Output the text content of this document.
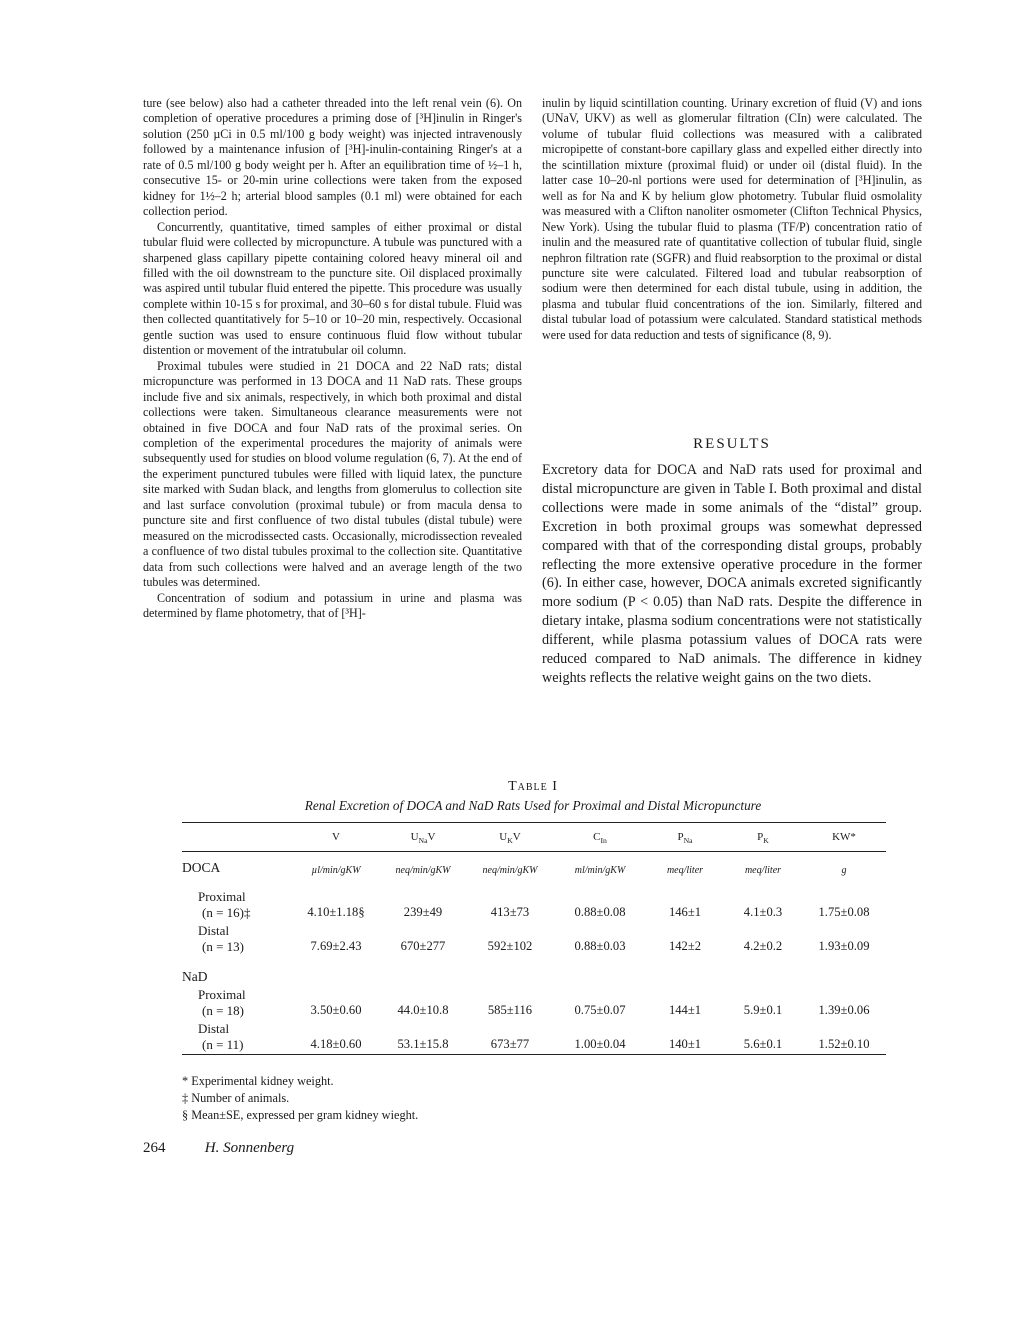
ture (see below) also had a catheter threaded into the left renal vein (6). On completion of operative procedures a priming dose of [³H]inulin in Ringer's solution (250 µCi in 0.5 ml/100 g body weight) was injected intravenously followed by a maintenance infusion of [³H]-inulin-containing Ringer's at a rate of 0.5 ml/100 g body weight per h. After an equilibration time of ½–1 h, consecutive 15- or 20-min urine collections were taken from the exposed kidney for 1½–2 h; arterial blood samples (0.1 ml) were obtained for each collection period.

Concurrently, quantitative, timed samples of either proximal or distal tubular fluid were collected by micropuncture. A tubule was punctured with a sharpened glass capillary pipette containing colored heavy mineral oil and filled with the oil downstream to the puncture site. Oil displaced proximally was aspired until tubular fluid entered the pipette. This procedure was usually complete within 10-15 s for proximal, and 30–60 s for distal tubule. Fluid was then collected quantitatively for 5–10 or 10–20 min, respectively. Occasional gentle suction was used to ensure continuous fluid flow without tubular distention or movement of the intratubular oil column.

Proximal tubules were studied in 21 DOCA and 22 NaD rats; distal micropuncture was performed in 13 DOCA and 11 NaD rats. These groups include five and six animals, respectively, in which both proximal and distal collections were taken. Simultaneous clearance measurements were not obtained in five DOCA and four NaD rats of the proximal series. On completion of the experimental procedures the majority of animals were subsequently used for studies on blood volume regulation (6, 7). At the end of the experiment punctured tubules were filled with liquid latex, the puncture site marked with Sudan black, and lengths from glomerulus to collection site and last surface convolution (proximal tubule) or from macula densa to puncture site and first confluence of two distal tubules (distal tubule) were measured on the microdissected casts. Occasionally, microdissection revealed a confluence of two distal tubules proximal to the collection site. Quantitative data from such collections were halved and an average length of the two tubules was determined.

Concentration of sodium and potassium in urine and plasma was determined by flame photometry, that of [³H]-

inulin by liquid scintillation counting. Urinary excretion of fluid (V) and ions (UNaV, UKV) as well as glomerular filtration (CIn) were calculated. The volume of tubular fluid collections was measured with a calibrated micropipette of constant-bore capillary glass and expelled either directly into the scintillation mixture (proximal fluid) or under oil (distal fluid). In the latter case 10–20-nl portions were used for determination of [³H]inulin, as well as for Na and K by helium glow photometry. Tubular fluid osmolality was measured with a Clifton nanoliter osmometer (Clifton Technical Physics, New York). Using the tubular fluid to plasma (TF/P) concentration ratio of inulin and the measured rate of quantitative collection of tubular fluid, single nephron filtration rate (SGFR) and fluid reabsorption to the proximal or distal puncture site were calculated. Filtered load and tubular reabsorption of sodium were then determined for each distal tubule, using in addition, the plasma and tubular fluid concentrations of the ion. Similarly, filtered and distal tubular load of potassium were calculated. Standard statistical methods were used for data reduction and tests of significance (8, 9).

RESULTS

Excretory data for DOCA and NaD rats used for proximal and distal micropuncture are given in Table I. Both proximal and distal collections were made in some animals of the “distal” group. Excretion in both proximal groups was somewhat depressed compared with that of the corresponding distal groups, probably reflecting the more extensive operative procedure in the former (6). In either case, however, DOCA animals excreted significantly more sodium (P < 0.05) than NaD rats. Despite the difference in dietary intake, plasma sodium concentrations were not statistically different, while plasma potassium values of DOCA rats were reduced compared to NaD animals. The difference in kidney weights reflects the relative weight gains on the two diets.

Table I
Renal Excretion of DOCA and NaD Rats Used for Proximal and Distal Micropuncture
	V	$U_{Na}V$	$U_KV$	$C_{In}$	$P_{Na}$	$P_K$	KW*
DOCA	µl/min/gKW	neq/min/gKW	neq/min/gKW	ml/min/gKW	meq/liter	meq/liter	g

Proximal							
(n = 16)‡	4.10±1.18§	239±49	413±73	0.88±0.08	146±1	4.1±0.3	1.75±0.08
Distal							
(n = 13)	7.69±2.43	670±277	592±102	0.88±0.03	142±2	4.2±0.2	1.93±0.09

NaD							
Proximal							
(n = 18)	3.50±0.60	44.0±10.8	585±116	0.75±0.07	144±1	5.9±0.1	1.39±0.06
Distal							
(n = 11)	4.18±0.60	53.1±15.8	673±77	1.00±0.04	140±1	5.6±0.1	1.52±0.10
* Experimental kidney weight.
‡ Number of animals.
§ Mean±SE, expressed per gram kidney wieght.
264	H. Sonnenberg
